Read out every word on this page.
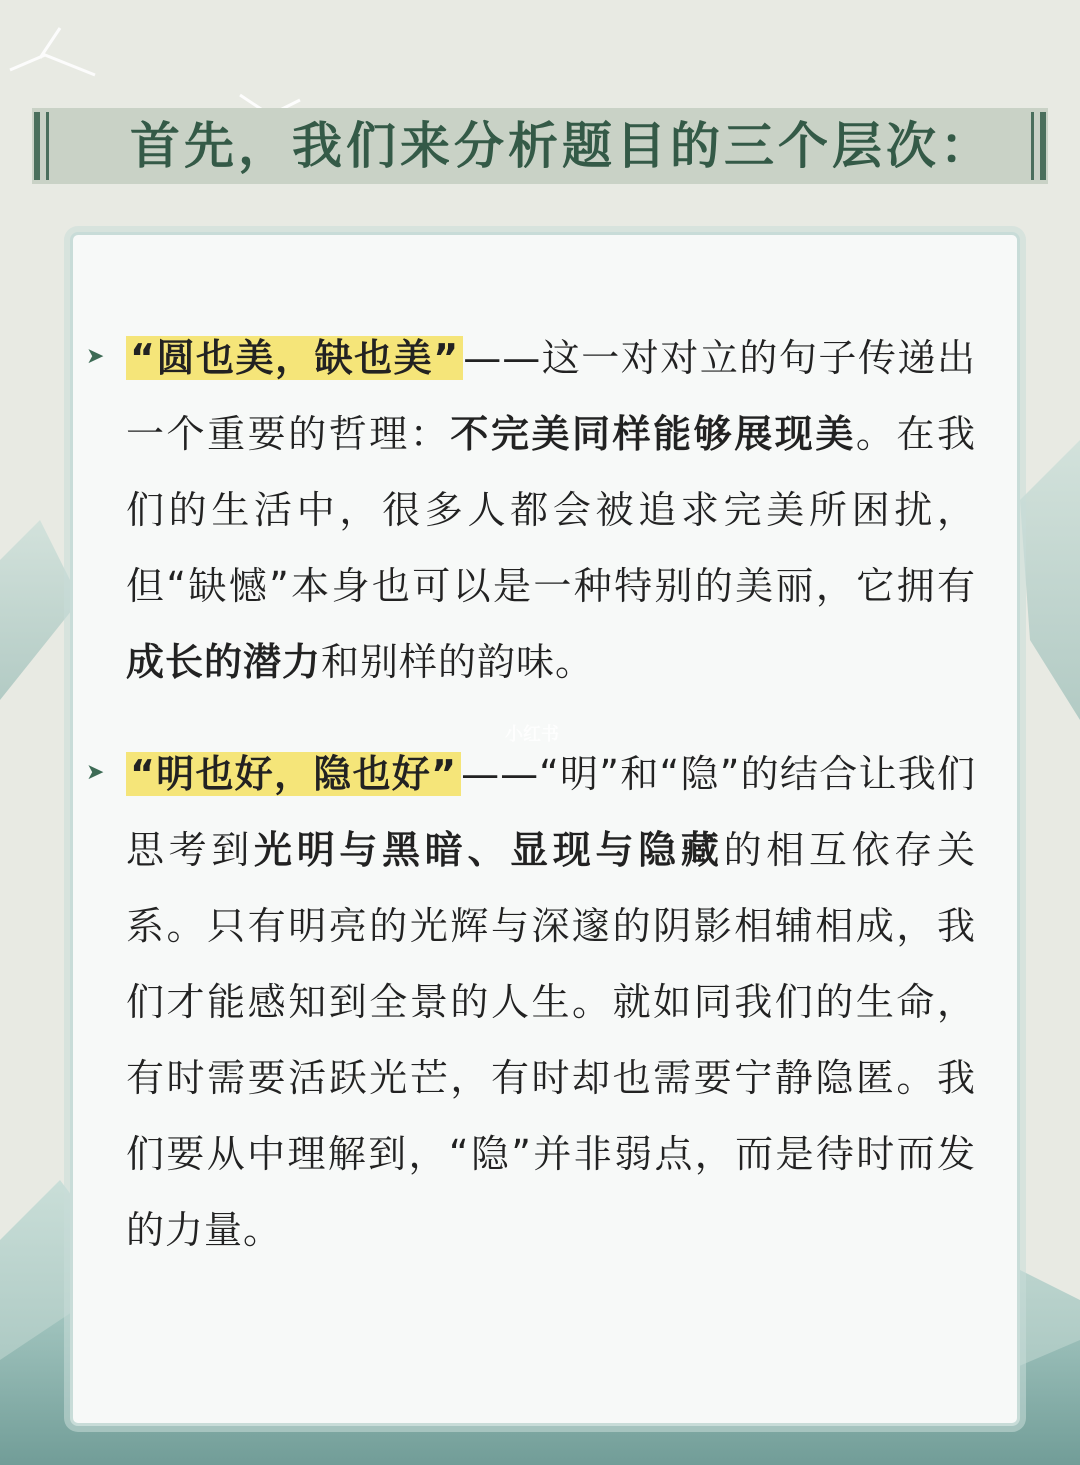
首先，我们来分析题目的三个层次：
➤ “圆也美，缺也美” ——这一对对立的句子传递出一个重要的哲理：不完美同样能够展现美。在我们的生活中，很多人都会被追求完美所困扰，但“缺憾”本身也可以是一种特别的美丽，它拥有成长的潜力和别样的韵味。
小红书
➤ “明也好，隐也好” ——“明”和“隐”的结合让我们思考到光明与黑暗、显现与隐藏的相互依存关系。只有明亮的光辉与深邃的阴影相辅相成，我们才能感知到全景的人生。就如同我们的生命，有时需要活跃光芒，有时却也需要宁静隐匿。我们要从中理解到，“隐”并非弱点，而是待时而发的力量。
